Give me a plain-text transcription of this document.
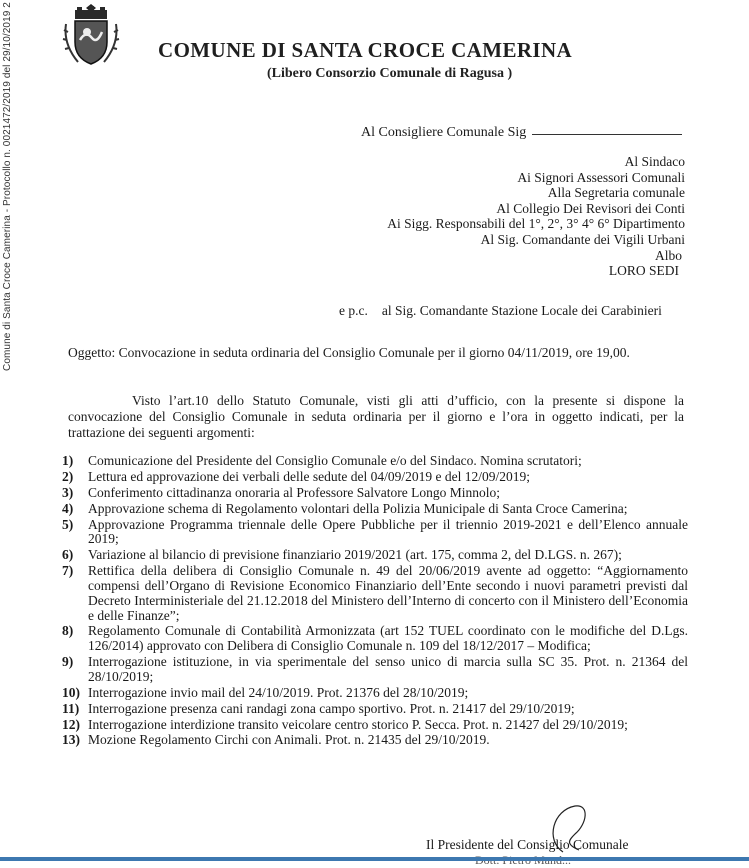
Comune di Santa Croce Camerina - Protocollo n. 0021472/2019 del 29/10/2019 2	COMUNE DI SANTA CROCE CAMERINA
(Libero Consorzio Comunale di Ragusa )
Al Consigliere Comunale Sig
Al Sindaco
Ai Signori Assessori Comunali
Alla Segretaria comunale
Al Collegio Dei Revisori dei Conti
Ai Sigg. Responsabili del 1°, 2°, 3° 4° 6° Dipartimento
Al Sig. Comandante dei Vigili Urbani
Albo
LORO SEDI
e p.c. al Sig. Comandante Stazione Locale dei Carabinieri
Oggetto: Convocazione in seduta ordinaria del Consiglio Comunale per il giorno 04/11/2019, ore 19,00.
Visto l’art.10 dello Statuto Comunale, visti gli atti d’ufficio, con la presente si dispone la convocazione del Consiglio Comunale in seduta ordinaria per il giorno e l’ora in oggetto indicati, per la trattazione dei seguenti argomenti:
1) Comunicazione del Presidente del Consiglio Comunale e/o del Sindaco. Nomina scrutatori;
2) Lettura ed approvazione dei verbali delle sedute del 04/09/2019 e del 12/09/2019;
3) Conferimento cittadinanza onoraria al Professore Salvatore Longo Minnolo;
4) Approvazione schema di Regolamento volontari della Polizia Municipale di Santa Croce Camerina;
5) Approvazione Programma triennale delle Opere Pubbliche per il triennio 2019-2021 e dell’Elenco annuale 2019;
6) Variazione al bilancio di previsione finanziario 2019/2021 (art. 175, comma 2, del D.LGS. n. 267);
7) Rettifica della delibera di Consiglio Comunale n. 49 del 20/06/2019 avente ad oggetto: “Aggiornamento compensi dell’Organo di Revisione Economico Finanziario dell’Ente secondo i nuovi parametri previsti dal Decreto Interministeriale del 21.12.2018 del Ministero dell’Interno di concerto con il Ministero dell’Economia e delle Finanze”;
8) Regolamento Comunale di Contabilità Armonizzata (art 152 TUEL coordinato con le modifiche del D.Lgs. 126/2014) approvato con Delibera di Consiglio Comunale n. 109 del 18/12/2017 – Modifica;
9) Interrogazione istituzione, in via sperimentale del senso unico di marcia sulla SC 35. Prot. n. 21364 del 28/10/2019;
10) Interrogazione invio mail del 24/10/2019. Prot. 21376 del 28/10/2019;
11) Interrogazione presenza cani randagi zona campo sportivo. Prot. n. 21417 del 29/10/2019;
12) Interrogazione interdizione transito veicolare centro storico P. Secca. Prot. n. 21427 del 29/10/2019;
13) Mozione Regolamento Circhi con Animali. Prot. n. 21435 del 29/10/2019.
Il Presidente del Consiglio Comunale
